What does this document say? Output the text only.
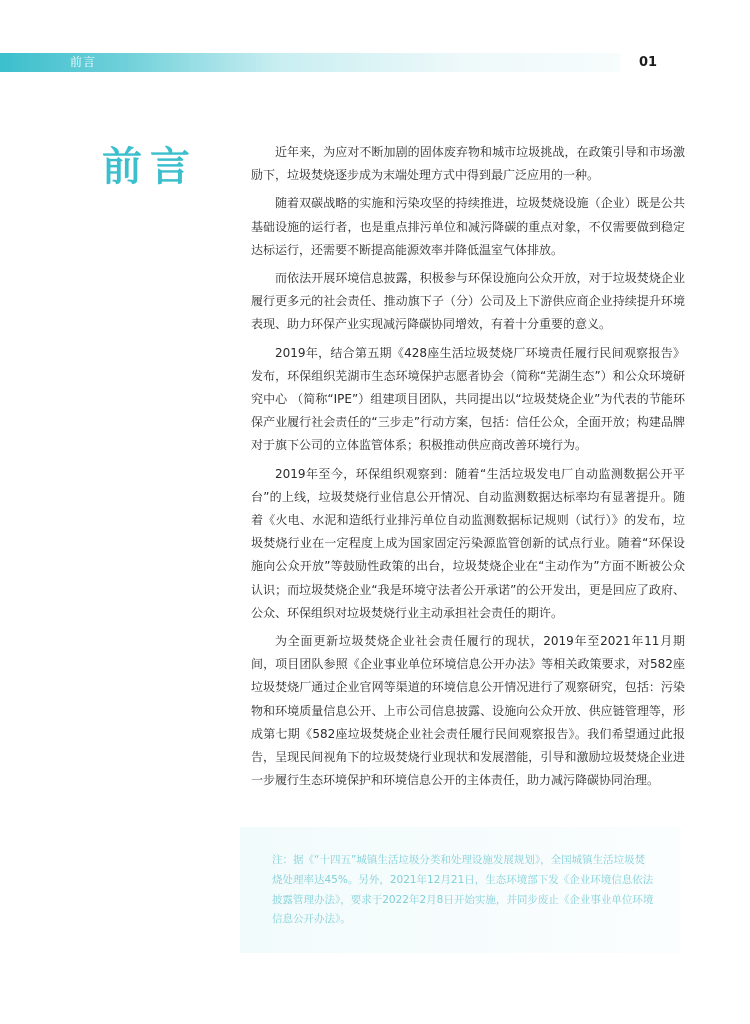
前言	01
前言	近年来，为应对不断加剧的固体废弃物和城市垃圾挑战，在政策引导和市场激励下，垃圾焚烧逐步成为末端处理方式中得到最广泛应用的一种。

随着双碳战略的实施和污染攻坚的持续推进，垃圾焚烧设施（企业）既是公共基础设施的运行者，也是重点排污单位和减污降碳的重点对象，不仅需要做到稳定达标运行，还需要不断提高能源效率并降低温室气体排放。

而依法开展环境信息披露，积极参与环保设施向公众开放，对于垃圾焚烧企业履行更多元的社会责任、推动旗下子（分）公司及上下游供应商企业持续提升环境表现、助力环保产业实现减污降碳协同增效，有着十分重要的意义。

2019年，结合第五期《428座生活垃圾焚烧厂环境责任履行民间观察报告》发布，环保组织芜湖市生态环境保护志愿者协会（简称“芜湖生态”）和公众环境研究中心 （简称“IPE”）组建项目团队，共同提出以“垃圾焚烧企业”为代表的节能环保产业履行社会责任的“三步走”行动方案，包括：信任公众，全面开放；构建品牌对于旗下公司的立体监管体系；积极推动供应商改善环境行为。

2019年至今，环保组织观察到：随着“生活垃圾发电厂自动监测数据公开平台”的上线，垃圾焚烧行业信息公开情况、自动监测数据达标率均有显著提升。随着《火电、水泥和造纸行业排污单位自动监测数据标记规则（试行）》的发布，垃圾焚烧行业在一定程度上成为国家固定污染源监管创新的试点行业。随着“环保设施向公众开放”等鼓励性政策的出台，垃圾焚烧企业在“主动作为”方面不断被公众认识；而垃圾焚烧企业“我是环境守法者公开承诺”的公开发出，更是回应了政府、 公众、环保组织对垃圾焚烧行业主动承担社会责任的期许。

为全面更新垃圾焚烧企业社会责任履行的现状，2019年至2021年11月期间，项目团队参照《企业事业单位环境信息公开办法》等相关政策要求，对582座垃圾焚烧厂通过企业官网等渠道的环境信息公开情况进行了观察研究，包括：污染物和环境质量信息公开、上市公司信息披露、设施向公众开放、供应链管理等，形成第七期《582座垃圾焚烧企业社会责任履行民间观察报告》。我们希望通过此报告，呈现民间视角下的垃圾焚烧行业现状和发展潜能，引导和激励垃圾焚烧企业进一步履行生态环境保护和环境信息公开的主体责任，助力减污降碳协同治理。

注：据《“十四五”城镇生活垃圾分类和处理设施发展规划》，全国城镇生活垃圾焚烧处理率达45%。另外，2021年12月21日，生态环境部下发《企业环境信息依法披露管理办法》，要求于2022年2月8日开始实施，并同步废止《企业事业单位环境信息公开办法》。
